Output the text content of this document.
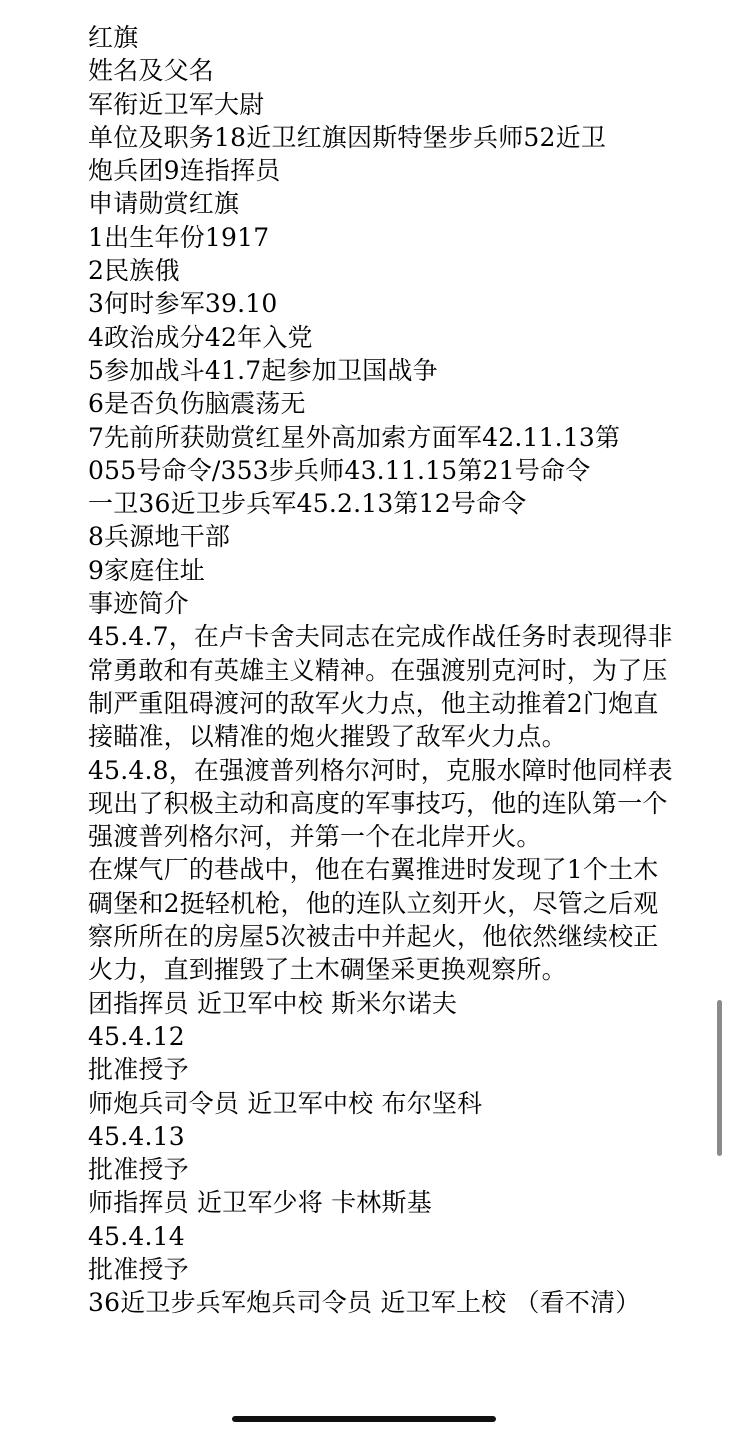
红旗
姓名及父名
军衔近卫军大尉
单位及职务18近卫红旗因斯特堡步兵师52近卫
炮兵团9连指挥员
申请勋赏红旗
1出生年份1917
2民族俄
3何时参军39.10
4政治成分42年入党
5参加战斗41.7起参加卫国战争
6是否负伤脑震荡无
7先前所获勋赏红星外高加索方面军42.11.13第
055号命令/353步兵师43.11.15第21号命令
一卫36近卫步兵军45.2.13第12号命令
8兵源地干部
9家庭住址
事迹简介
45.4.7，在卢卡舍夫同志在完成作战任务时表现得非常勇敢和有英雄主义精神。在强渡别克河时，为了压制严重阻碍渡河的敌军火力点，他主动推着2门炮直接瞄准，以精准的炮火摧毁了敌军火力点。
45.4.8，在强渡普列格尔河时，克服水障时他同样表现出了积极主动和高度的军事技巧，他的连队第一个强渡普列格尔河，并第一个在北岸开火。
在煤气厂的巷战中，他在右翼推进时发现了1个土木碉堡和2挺轻机枪，他的连队立刻开火，尽管之后观察所所在的房屋5次被击中并起火，他依然继续校正火力，直到摧毁了土木碉堡采更换观察所。
团指挥员 近卫军中校 斯米尔诺夫
45.4.12
批准授予
师炮兵司令员 近卫军中校 布尔坚科
45.4.13
批准授予
师指挥员 近卫军少将 卡林斯基
45.4.14
批准授予
36近卫步兵军炮兵司令员 近卫军上校 （看不清）
